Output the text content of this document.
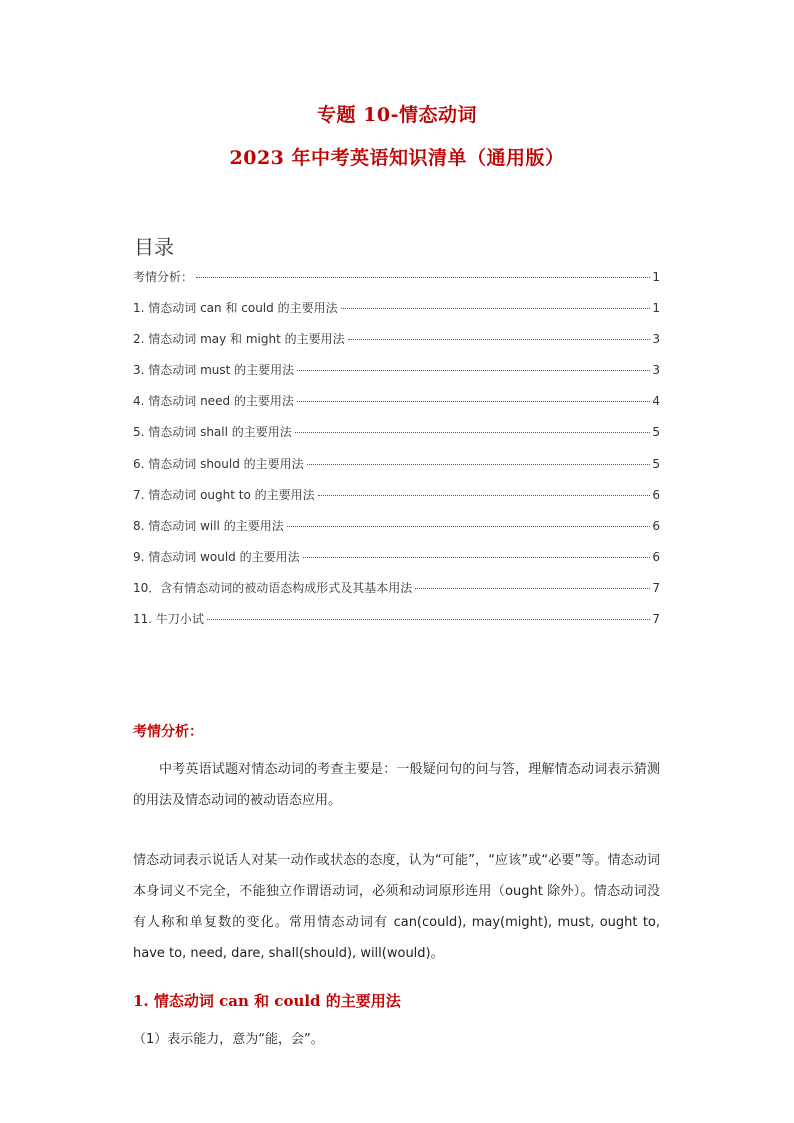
专题 10-情态动词
2023 年中考英语知识清单（通用版）
目录
考情分析：	1
1. 情态动词 can 和 could 的主要用法	1
2. 情态动词 may 和 might 的主要用法	3
3. 情态动词 must 的主要用法	3
4. 情态动词 need 的主要用法	4
5. 情态动词 shall 的主要用法	5
6. 情态动词 should 的主要用法	5
7. 情态动词 ought to 的主要用法	6
8. 情态动词 will 的主要用法	6
9. 情态动词 would 的主要用法	6
10．含有情态动词的被动语态构成形式及其基本用法	7
11. 牛刀小试	7
考情分析：

中考英语试题对情态动词的考查主要是：一般疑问句的问与答，理解情态动词表示猜测的用法及情态动词的被动语态应用。

情态动词表示说话人对某一动作或状态的态度，认为“可能”，“应该”或“必要”等。情态动词本身词义不完全，不能独立作谓语动词，必须和动词原形连用（ought 除外）。情态动词没有人称和单复数的变化。常用情态动词有 can(could), may(might), must, ought to, have to, need, dare, shall(should), will(would)。

1. 情态动词 can 和 could 的主要用法
（1）表示能力，意为“能，会”。
